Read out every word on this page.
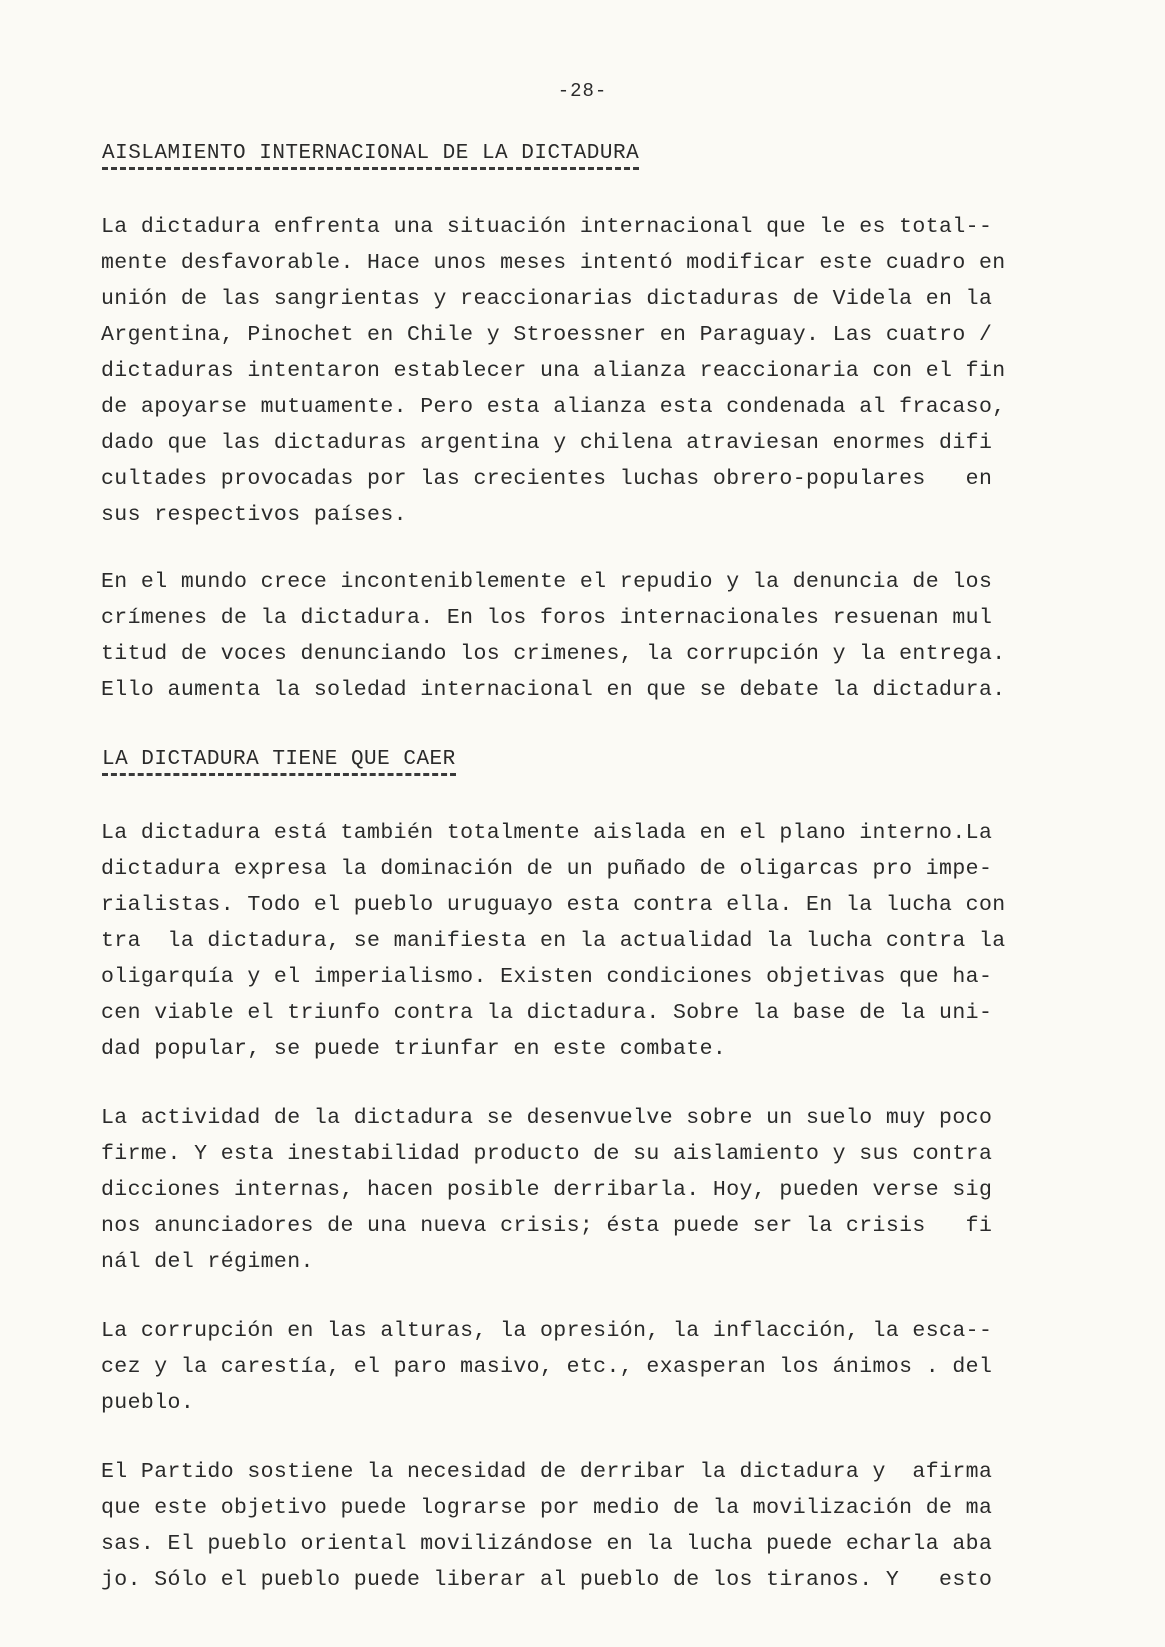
-28-
AISLAMIENTO INTERNACIONAL DE LA DICTADURA
La dictadura enfrenta una situación internacional que le es total--
mente desfavorable. Hace unos meses intentó modificar este cuadro en
unión de las sangrientas y reaccionarias dictaduras de Videla en la
Argentina, Pinochet en Chile y Stroessner en Paraguay. Las cuatro /
dictaduras intentaron establecer una alianza reaccionaria con el fin
de apoyarse mutuamente. Pero esta alianza esta condenada al fracaso,
dado que las dictaduras argentina y chilena atraviesan enormes difi
cultades provocadas por las crecientes luchas obrero-populares   en
sus respectivos países.
En el mundo crece inconteniblemente el repudio y la denuncia de los
crímenes de la dictadura. En los foros internacionales resuenan mul
titud de voces denunciando los crimenes, la corrupción y la entrega.
Ello aumenta la soledad internacional en que se debate la dictadura.
LA DICTADURA TIENE QUE CAER
La dictadura está también totalmente aislada en el plano interno.La
dictadura expresa la dominación de un puñado de oligarcas pro impe-
rialistas. Todo el pueblo uruguayo esta contra ella. En la lucha con
tra  la dictadura, se manifiesta en la actualidad la lucha contra la
oligarquía y el imperialismo. Existen condiciones objetivas que ha-
cen viable el triunfo contra la dictadura. Sobre la base de la uni-
dad popular, se puede triunfar en este combate.
La actividad de la dictadura se desenvuelve sobre un suelo muy poco
firme. Y esta inestabilidad producto de su aislamiento y sus contra
dicciones internas, hacen posible derribarla. Hoy, pueden verse sig
nos anunciadores de una nueva crisis; ésta puede ser la crisis   fi
nál del régimen.
La corrupción en las alturas, la opresión, la inflacción, la esca--
cez y la carestía, el paro masivo, etc., exasperan los ánimos . del
pueblo.
El Partido sostiene la necesidad de derribar la dictadura y  afirma
que este objetivo puede lograrse por medio de la movilización de ma
sas. El pueblo oriental movilizándose en la lucha puede echarla aba
jo. Sólo el pueblo puede liberar al pueblo de los tiranos. Y   esto
